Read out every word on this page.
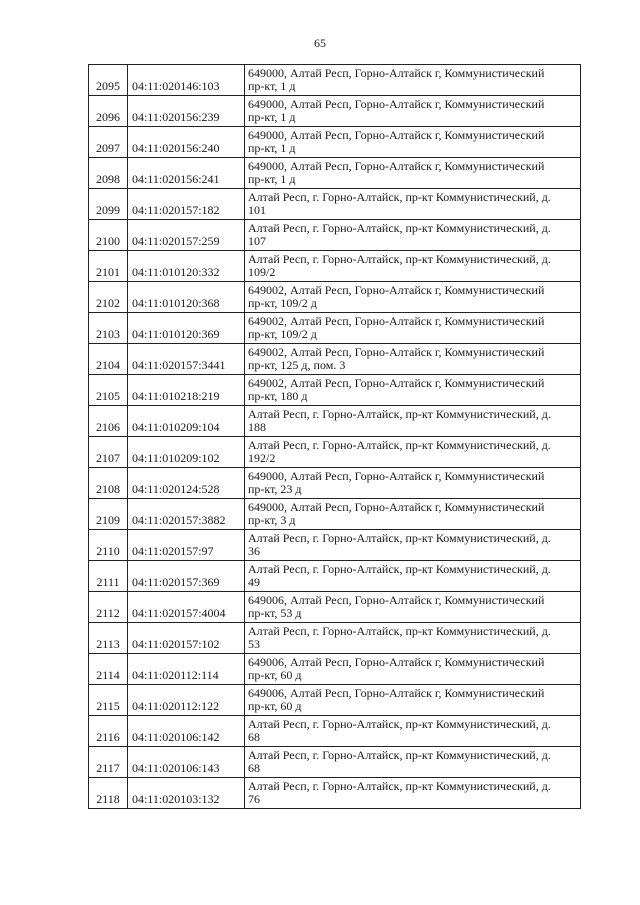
65
2095	04:11:020146:103	649000, Алтай Респ, Горно-Алтайск г, Коммунистический
пр-кт, 1 д

2096	04:11:020156:239	649000, Алтай Респ, Горно-Алтайск г, Коммунистический
пр-кт, 1 д

2097	04:11:020156:240	649000, Алтай Респ, Горно-Алтайск г, Коммунистический
пр-кт, 1 д

2098	04:11:020156:241	649000, Алтай Респ, Горно-Алтайск г, Коммунистический
пр-кт, 1 д

2099	04:11:020157:182	Алтай Респ, г. Горно-Алтайск, пр-кт Коммунистический, д.
101

2100	04:11:020157:259	Алтай Респ, г. Горно-Алтайск, пр-кт Коммунистический, д.
107

2101	04:11:010120:332	Алтай Респ, г. Горно-Алтайск, пр-кт Коммунистический, д.
109/2

2102	04:11:010120:368	649002, Алтай Респ, Горно-Алтайск г, Коммунистический
пр-кт, 109/2 д

2103	04:11:010120:369	649002, Алтай Респ, Горно-Алтайск г, Коммунистический
пр-кт, 109/2 д

2104	04:11:020157:3441	649002, Алтай Респ, Горно-Алтайск г, Коммунистический
пр-кт, 125 д, пом. 3

2105	04:11:010218:219	649002, Алтай Респ, Горно-Алтайск г, Коммунистический
пр-кт, 180 д

2106	04:11:010209:104	Алтай Респ, г. Горно-Алтайск, пр-кт Коммунистический, д.
188

2107	04:11:010209:102	Алтай Респ, г. Горно-Алтайск, пр-кт Коммунистический, д.
192/2

2108	04:11:020124:528	649000, Алтай Респ, Горно-Алтайск г, Коммунистический
пр-кт, 23 д

2109	04:11:020157:3882	649000, Алтай Респ, Горно-Алтайск г, Коммунистический
пр-кт, 3 д

2110	04:11:020157:97	Алтай Респ, г. Горно-Алтайск, пр-кт Коммунистический, д.
36

2111	04:11:020157:369	Алтай Респ, г. Горно-Алтайск, пр-кт Коммунистический, д.
49

2112	04:11:020157:4004	649006, Алтай Респ, Горно-Алтайск г, Коммунистический
пр-кт, 53 д

2113	04:11:020157:102	Алтай Респ, г. Горно-Алтайск, пр-кт Коммунистический, д.
53

2114	04:11:020112:114	649006, Алтай Респ, Горно-Алтайск г, Коммунистический
пр-кт, 60 д

2115	04:11:020112:122	649006, Алтай Респ, Горно-Алтайск г, Коммунистический
пр-кт, 60 д

2116	04:11:020106:142	Алтай Респ, г. Горно-Алтайск, пр-кт Коммунистический, д.
68

2117	04:11:020106:143	Алтай Респ, г. Горно-Алтайск, пр-кт Коммунистический, д.
68

2118	04:11:020103:132	Алтай Респ, г. Горно-Алтайск, пр-кт Коммунистический, д.
76
